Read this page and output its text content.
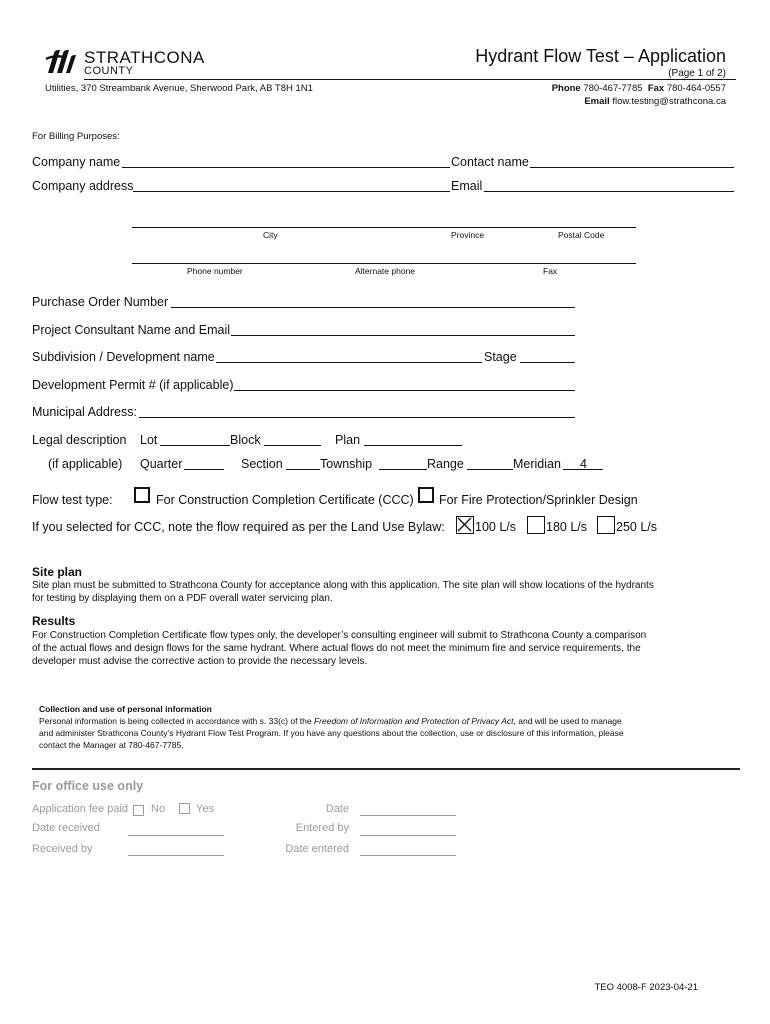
STRATHCONA
COUNTY
Hydrant Flow Test – Application
(Page 1 of 2)
Utilities, 370 Streambank Avenue, Sherwood Park, AB T8H 1N1	Phone 780-467-7785 Fax 780-464-0557
Email flow.testing@strathcona.ca
For Billing Purposes:
Company name	Contact name
Company address	Email
City	Province	Postal Code
Phone number	Alternate phone	Fax
Purchase Order Number
Project Consultant Name and Email
Subdivision / Development name	Stage
Development Permit # (if applicable)
Municipal Address:
Legal description Lot	Block	Plan
(if applicable) Quarter	Section	Township	Range	Meridian 4
Flow test type:	For Construction Completion Certificate (CCC) For Fire Protection/Sprinkler Design
If you selected for CCC, note the flow required as per the Land Use Bylaw: 100 L/s 180 L/s 250 L/s
Site plan
Site plan must be submitted to Strathcona County for acceptance along with this application. The site plan will show locations of the hydrants
for testing by displaying them on a PDF overall water servicing plan.
Results
For Construction Completion Certificate flow types only, the developer’s consulting engineer will submit to Strathcona County a comparison
of the actual flows and design flows for the same hydrant. Where actual flows do not meet the minimum fire and service requirements, the
developer must advise the corrective action to provide the necessary levels.
Collection and use of personal information
Personal information is being collected in accordance with s. 33(c) of the Freedom of Information and Protection of Privacy Act, and will be used to manage
and administer Strathcona County’s Hydrant Flow Test Program. If you have any questions about the collection, use or disclosure of this information, please
contact the Manager at 780-467-7785.
For office use only
Application fee paid No	Yes	Date
Date received	Entered by
Received by	Date entered
TEO 4008-F 2023-04-21
